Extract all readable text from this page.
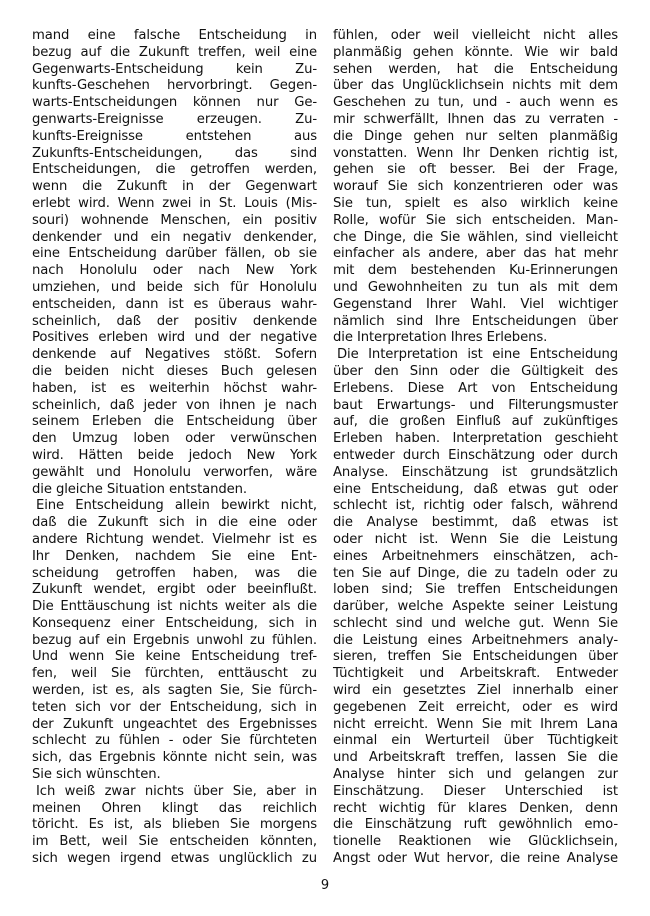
mand eine falsche Entscheidung in
bezug auf die Zukunft treffen, weil eine
Gegenwarts-Entscheidung kein Zu-
kunfts-Geschehen hervorbringt. Gegen-
warts-Entscheidungen können nur Ge-
genwarts-Ereignisse erzeugen. Zu-
kunfts-Ereignisse entstehen aus
Zukunfts-Entscheidungen, das sind
Entscheidungen, die getroffen werden,
wenn die Zukunft in der Gegenwart
erlebt wird. Wenn zwei in St. Louis (Mis-
souri) wohnende Menschen, ein positiv
denkender und ein negativ denkender,
eine Entscheidung darüber fällen, ob sie
nach Honolulu oder nach New York
umziehen, und beide sich für Honolulu
entscheiden, dann ist es überaus wahr-
scheinlich, daß der positiv denkende
Positives erleben wird und der negative
denkende auf Negatives stößt. Sofern
die beiden nicht dieses Buch gelesen
haben, ist es weiterhin höchst wahr-
scheinlich, daß jeder von ihnen je nach
seinem Erleben die Entscheidung über
den Umzug loben oder verwünschen
wird. Hätten beide jedoch New York
gewählt und Honolulu verworfen, wäre
die gleiche Situation entstanden.
Eine Entscheidung allein bewirkt nicht,
daß die Zukunft sich in die eine oder
andere Richtung wendet. Vielmehr ist es
Ihr Denken, nachdem Sie eine Ent-
scheidung getroffen haben, was die
Zukunft wendet, ergibt oder beeinflußt.
Die Enttäuschung ist nichts weiter als die
Konsequenz einer Entscheidung, sich in
bezug auf ein Ergebnis unwohl zu fühlen.
Und wenn Sie keine Entscheidung tref-
fen, weil Sie fürchten, enttäuscht zu
werden, ist es, als sagten Sie, Sie fürch-
teten sich vor der Entscheidung, sich in
der Zukunft ungeachtet des Ergebnisses
schlecht zu fühlen - oder Sie fürchteten
sich, das Ergebnis könnte nicht sein, was
Sie sich wünschten.
Ich weiß zwar nichts über Sie, aber in
meinen Ohren klingt das reichlich
töricht. Es ist, als blieben Sie morgens
im Bett, weil Sie entscheiden könnten,
sich wegen irgend etwas unglücklich zu
fühlen, oder weil vielleicht nicht alles
planmäßig gehen könnte. Wie wir bald
sehen werden, hat die Entscheidung
über das Unglücklichsein nichts mit dem
Geschehen zu tun, und - auch wenn es
mir schwerfällt, Ihnen das zu verraten -
die Dinge gehen nur selten planmäßig
vonstatten. Wenn Ihr Denken richtig ist,
gehen sie oft besser. Bei der Frage,
worauf Sie sich konzentrieren oder was
Sie tun, spielt es also wirklich keine
Rolle, wofür Sie sich entscheiden. Man-
che Dinge, die Sie wählen, sind vielleicht
einfacher als andere, aber das hat mehr
mit dem bestehenden Ku-Erinnerungen
und Gewohnheiten zu tun als mit dem
Gegenstand Ihrer Wahl. Viel wichtiger
nämlich sind Ihre Entscheidungen über
die Interpretation Ihres Erlebens.
Die Interpretation ist eine Entscheidung
über den Sinn oder die Gültigkeit des
Erlebens. Diese Art von Entscheidung
baut Erwartungs- und Filterungsmuster
auf, die großen Einfluß auf zukünftiges
Erleben haben. Interpretation geschieht
entweder durch Einschätzung oder durch
Analyse. Einschätzung ist grundsätzlich
eine Entscheidung, daß etwas gut oder
schlecht ist, richtig oder falsch, während
die Analyse bestimmt, daß etwas ist
oder nicht ist. Wenn Sie die Leistung
eines Arbeitnehmers einschätzen, ach-
ten Sie auf Dinge, die zu tadeln oder zu
loben sind; Sie treffen Entscheidungen
darüber, welche Aspekte seiner Leistung
schlecht sind und welche gut. Wenn Sie
die Leistung eines Arbeitnehmers analy-
sieren, treffen Sie Entscheidungen über
Tüchtigkeit und Arbeitskraft. Entweder
wird ein gesetztes Ziel innerhalb einer
gegebenen Zeit erreicht, oder es wird
nicht erreicht. Wenn Sie mit Ihrem Lana
einmal ein Werturteil über Tüchtigkeit
und Arbeitskraft treffen, lassen Sie die
Analyse hinter sich und gelangen zur
Einschätzung. Dieser Unterschied ist
recht wichtig für klares Denken, denn
die Einschätzung ruft gewöhnlich emo-
tionelle Reaktionen wie Glücklichsein,
Angst oder Wut hervor, die reine Analyse
9
